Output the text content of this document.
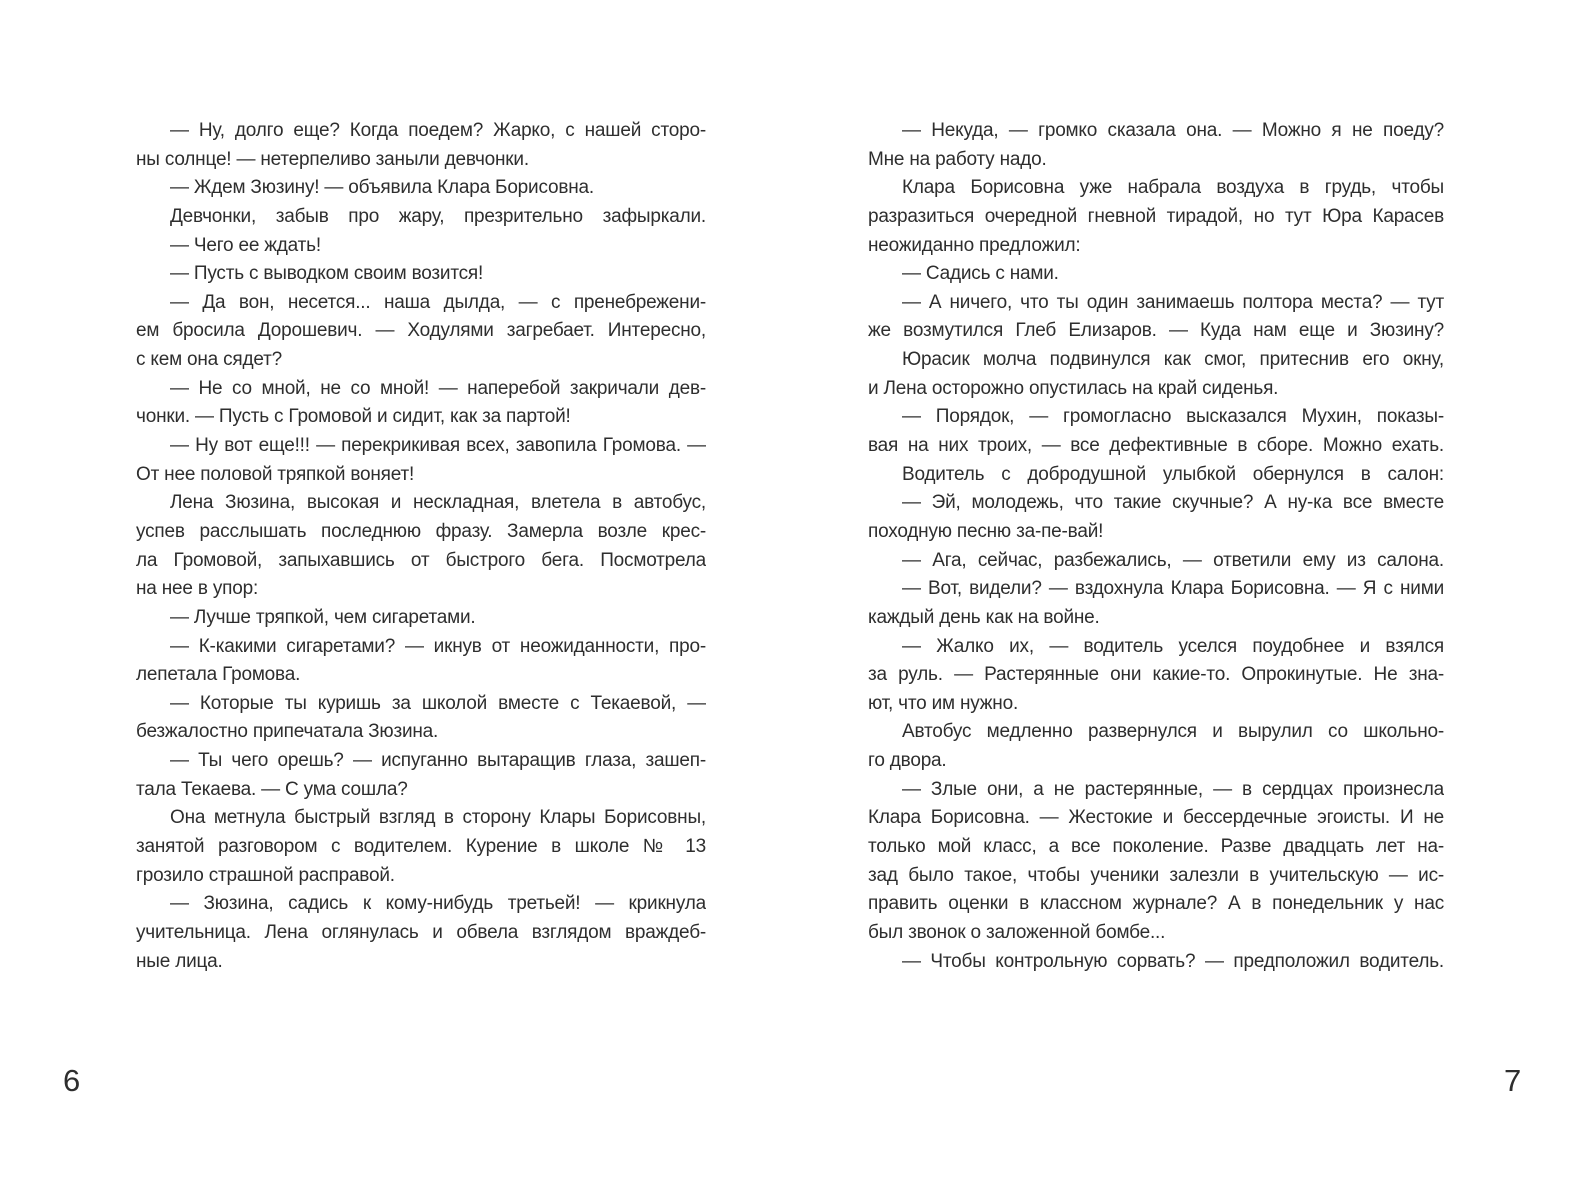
— Ну, долго еще? Когда поедем? Жарко, с нашей сторо-
ны солнце! — нетерпеливо заныли девчонки.
— Ждем Зюзину! — объявила Клара Борисовна.
Девчонки, забыв про жару, презрительно зафыркали.
— Чего ее ждать!
— Пусть с выводком своим возится!
— Да вон, несется... наша дылда, — с пренебрежени-
ем бросила Дорошевич. — Ходулями загребает. Интересно,
с кем она сядет?
— Не со мной, не со мной! — наперебой закричали дев-
чонки. — Пусть с Громовой и сидит, как за партой!
— Ну вот еще!!! — перекрикивая всех, завопила Громова. —
От нее половой тряпкой воняет!
Лена Зюзина, высокая и нескладная, влетела в автобус,
успев расслышать последнюю фразу. Замерла возле крес-
ла Громовой, запыхавшись от быстрого бега. Посмотрела
на нее в упор:
— Лучше тряпкой, чем сигаретами.
— К-какими сигаретами? — икнув от неожиданности, про-
лепетала Громова.
— Которые ты куришь за школой вместе с Текаевой, —
безжалостно припечатала Зюзина.
— Ты чего орешь? — испуганно вытаращив глаза, зашеп-
тала Текаева. — С ума сошла?
Она метнула быстрый взгляд в сторону Клары Борисовны,
занятой разговором с водителем. Курение в школе № 13
грозило страшной расправой.
— Зюзина, садись к кому-нибудь третьей! — крикнула
учительница. Лена оглянулась и обвела взглядом враждеб-
ные лица.
— Некуда, — громко сказала она. — Можно я не поеду?
Мне на работу надо.
Клара Борисовна уже набрала воздуха в грудь, чтобы
разразиться очередной гневной тирадой, но тут Юра Карасев
неожиданно предложил:
— Садись с нами.
— А ничего, что ты один занимаешь полтора места? — тут
же возмутился Глеб Елизаров. — Куда нам еще и Зюзину?
Юрасик молча подвинулся как смог, притеснив его окну,
и Лена осторожно опустилась на край сиденья.
— Порядок, — громогласно высказался Мухин, показы-
вая на них троих, — все дефективные в сборе. Можно ехать.
Водитель с добродушной улыбкой обернулся в салон:
— Эй, молодежь, что такие скучные? А ну-ка все вместе
походную песню за-пе-вай!
— Ага, сейчас, разбежались, — ответили ему из салона.
— Вот, видели? — вздохнула Клара Борисовна. — Я с ними
каждый день как на войне.
— Жалко их, — водитель уселся поудобнее и взялся
за руль. — Растерянные они какие-то. Опрокинутые. Не зна-
ют, что им нужно.
Автобус медленно развернулся и вырулил со школьно-
го двора.
— Злые они, а не растерянные, — в сердцах произнесла
Клара Борисовна. — Жестокие и бессердечные эгоисты. И не
только мой класс, а все поколение. Разве двадцать лет на-
зад было такое, чтобы ученики залезли в учительскую — ис-
править оценки в классном журнале? А в понедельник у нас
был звонок о заложенной бомбе...
— Чтобы контрольную сорвать? — предположил водитель.
6	7
